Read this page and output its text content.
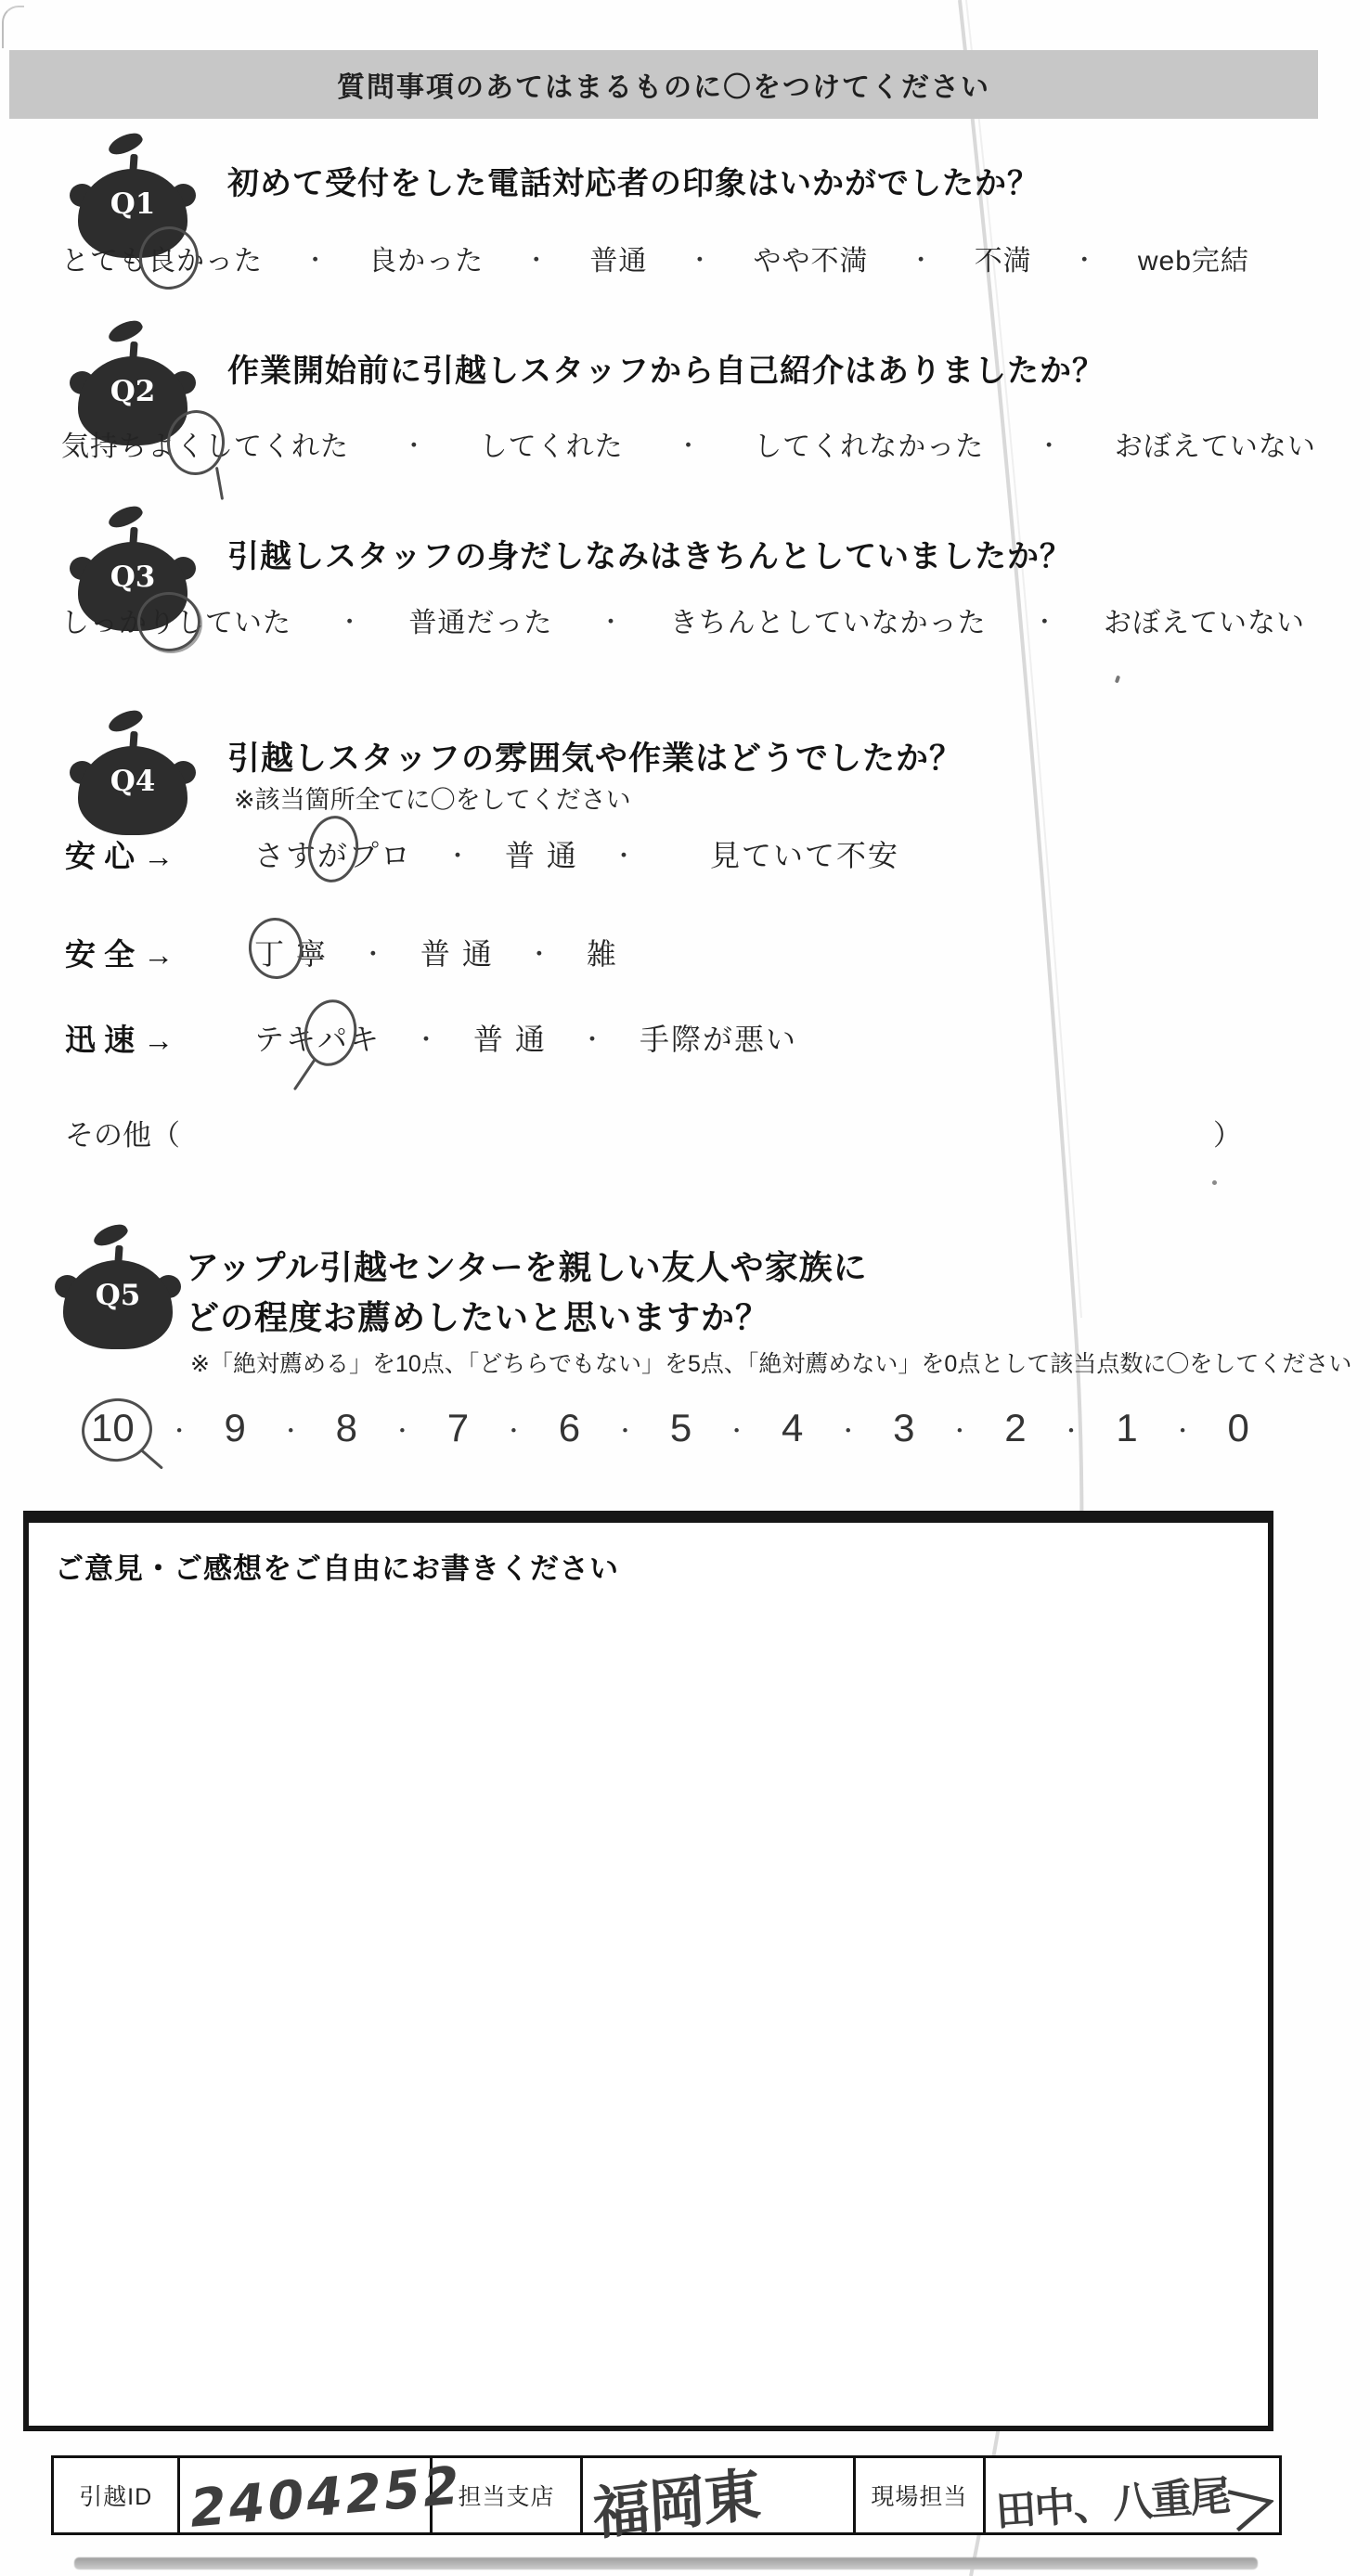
質問事項のあてはまるものに〇をつけてください
Q1
初めて受付をした電話対応者の印象はいかがでしたか？
とても良かった ・ 良かった ・ 普通 ・ やや不満 ・ 不満 ・ web完結
Q2
作業開始前に引越しスタッフから自己紹介はありましたか？
気持ちよくしてくれた ・ してくれた ・ してくれなかった ・ おぼえていない
Q3
引越しスタッフの身だしなみはきちんとしていましたか？
しっかりしていた ・ 普通だった ・ きちんとしていなかった ・ おぼえていない
Q4
引越しスタッフの雰囲気や作業はどうでしたか？
※該当箇所全てに〇をしてください
安 心 →	さすがプロ ・ 普 通 ・ 見ていて不安
安 全 →	丁 寧 ・ 普 通 ・ 雑
迅 速 →	テキパキ ・ 普 通 ・ 手際が悪い
その他（	）
Q5
アップル引越センターを親しい友人や家族に
どの程度お薦めしたいと思いますか？
※「絶対薦める」を10点、「どちらでもない」を5点、「絶対薦めない」を0点として該当点数に〇をしてください
10 ・ 9 ・ 8 ・ 7 ・ 6 ・ 5 ・ 4 ・ 3 ・ 2 ・ 1 ・ 0
ご意見・ご感想をご自由にお書きください
引越ID 2404252
担当支店 福岡東	現場担当 田中、八重尾
＞
